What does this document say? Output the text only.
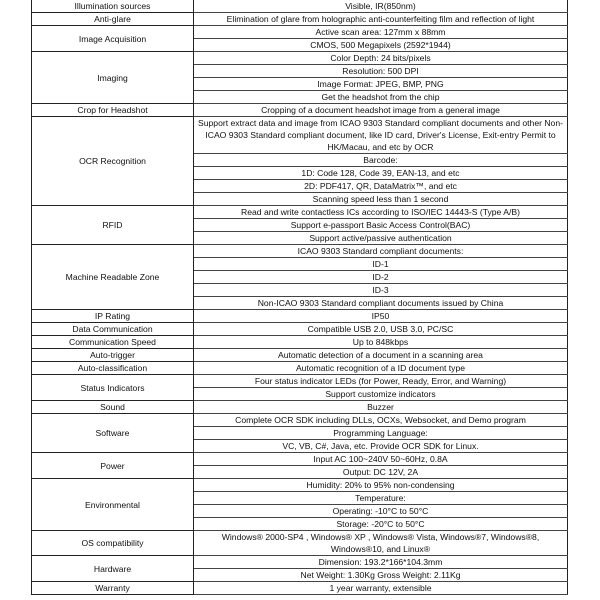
Illumination sources	Visible, IR(850nm)
Anti-glare	Elimination of glare from holographic anti-counterfeiting film and reflection of light
Image Acquisition	Active scan area: 127mm x 88mm
	CMOS, 500 Megapixels (2592*1944)
Imaging	Color Depth: 24 bits/pixels
	Resolution: 500 DPI
	Image Format: JPEG, BMP, PNG
	Get the headshot from the chip
Crop for Headshot	Cropping of a document headshot image from a general image
OCR Recognition	Support extract data and image from ICAO 9303 Standard compliant documents and other Non-ICAO 9303 Standard compliant document, like ID card, Driver's License, Exit-entry Permit to HK/Macau, and etc by OCR
	Barcode:
	1D: Code 128, Code 39, EAN-13, and etc
	2D: PDF417, QR, DataMatrix™, and etc
	Scanning speed less than 1 second
RFID	Read and write contactless ICs according to ISO/IEC 14443-S (Type A/B)
	Support e-passport Basic Access Control(BAC)
	Support active/passive authentication
Machine Readable Zone	ICAO 9303 Standard compliant documents:
	ID-1
	ID-2
	ID-3
	Non-ICAO 9303 Standard compliant documents issued by China
IP Rating	IP50
Data Communication	Compatible USB 2.0, USB 3.0, PC/SC
Communication Speed	Up to 848kbps
Auto-trigger	Automatic detection of a document in a scanning area
Auto-classification	Automatic recognition of a ID document type
Status Indicators	Four status indicator LEDs (for Power, Ready, Error, and Warning)
	Support customize indicators
Sound	Buzzer
Software	Complete OCR SDK including DLLs, OCXs, Websocket, and Demo program
	Programming Language:
	VC, VB, C#, Java, etc. Provide OCR SDK for Linux.
Power	Input AC 100~240V 50~60Hz, 0.8A
	Output: DC 12V, 2A
Environmental	Humidity: 20% to 95% non-condensing
	Temperature:
	Operating: -10°C to 50°C
	Storage: -20°C to 50°C
OS compatibility	Windows® 2000-SP4 , Windows® XP , Windows® Vista, Windows®7, Windows®8, Windows®10, and Linux®
Hardware	Dimension: 193.2*166*104.3mm
	Net Weight: 1.30Kg Gross Weight: 2.11Kg
Warranty	1 year warranty, extensible
